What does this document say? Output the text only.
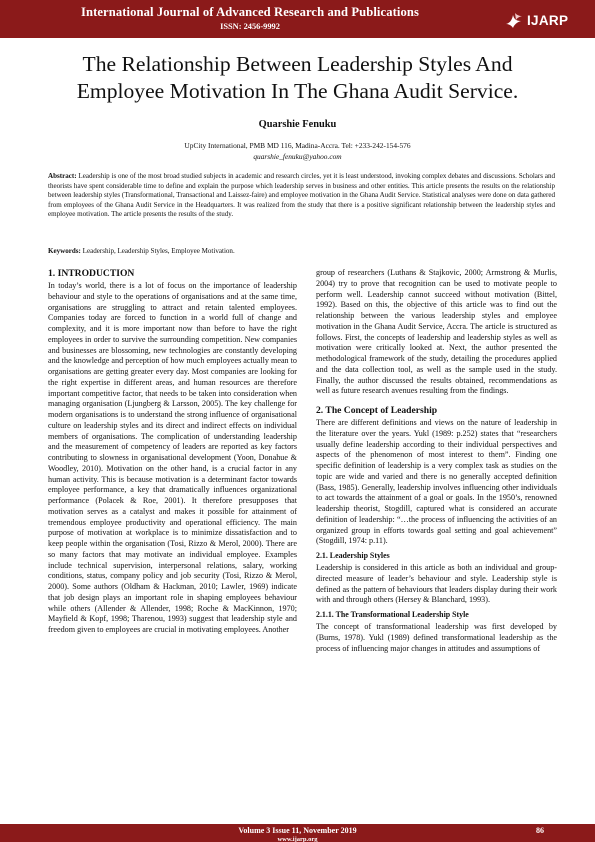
International Journal of Advanced Research and Publications
ISSN: 2456-9992	IJARP
The Relationship Between Leadership Styles And
Employee Motivation In The Ghana Audit Service.
Quarshie Fenuku
UpCity International, PMB MD 116, Madina-Accra. Tel: +233-242-154-576
quarshie_fenuku@yahoo.com
Abstract: Leadership is one of the most broad studied subjects in academic and research circles, yet it is least understood, invoking complex debates and discussions. Scholars and theorists have spent considerable time to define and explain the purpose which leadership serves in business and other entities. This article presents the results on the relationship between leadership styles (Transformational, Transactional and Laissez-faire) and employee motivation in the Ghana Audit Service. Statistical analyses were done on data gathered from employees of the Ghana Audit Service in the Headquarters. It was realized from the study that there is a positive significant relationship between the leadership styles and employee motivation. The article presents the results of the study.
Keywords: Leadership, Leadership Styles, Employee Motivation.
1. INTRODUCTION
In today’s world, there is a lot of focus on the importance of leadership behaviour and style to the operations of organisations and at the same time, organisations are struggling to attract and retain talented employees. Companies today are forced to function in a world full of change and complexity, and it is more important now than before to have the right employees in order to survive the surrounding competition. New companies and businesses are blossoming, new technologies are constantly developing and the knowledge and perception of how much employees actually mean to organisations are getting greater every day. Most companies are looking for the right expertise in different areas, and human resources are therefore important competitive factor, that needs to be taken into consideration when managing organisation (Ljungberg & Larsson, 2005). The key challenge for modern organisations is to understand the strong influence of organisational culture on leadership styles and its direct and indirect effects on individual members of organisations. The complication of understanding leadership and the measurement of competency of leaders are reported as key factors contributing to slowness in organisational development (Yoon, Donahue & Woodley, 2010). Motivation on the other hand, is a crucial factor in any human activity. This is because motivation is a determinant factor towards employee performance, a key that dramatically influences organizational performance (Polacek & Roe, 2001). It therefore presupposes that motivation serves as a catalyst and makes it possible for attainment of tremendous employee productivity and operational efficiency. The main purpose of motivation at workplace is to minimize dissatisfaction and to keep people within the organisation (Tosi, Rizzo & Merol, 2000). There are so many factors that may motivate an individual employee. Examples include technical supervision, interpersonal relations, salary, working conditions, status, company policy and job security (Tosi, Rizzo & Merol, 2000). Some authors (Oldham & Hackman, 2010; Lawler, 1969) indicate that job design plays an important role in shaping employees behaviour while others (Allender & Allender, 1998; Roche & MacKinnon, 1970; Mayfield & Kopf, 1998; Tharenou, 1993) suggest that leadership style and freedom given to employees are crucial in motivating employees. Another
group of researchers (Luthans & Stajkovic, 2000; Armstrong & Murlis, 2004) try to prove that recognition can be used to motivate people to perform well. Leadership cannot succeed without motivation (Bittel, 1992). Based on this, the objective of this article was to find out the relationship between the various leadership styles and employee motivation in the Ghana Audit Service, Accra. The article is structured as follows. First, the concepts of leadership and leadership styles as well as motivation were critically looked at. Next, the author presented the methodological framework of the study, detailing the procedures applied and the data collection tool, as well as the sample used in the study. Finally, the author discussed the results obtained, recommendations as well as future research avenues resulting from the findings.
2. The Concept of Leadership
There are different definitions and views on the nature of leadership in the literature over the years. Yukl (1989: p.252) states that “researchers usually define leadership according to their individual perspectives and aspects of the phenomenon of most interest to them”. Finding one specific definition of leadership is a very complex task as studies on the topic are wide and varied and there is no generally accepted definition (Bass, 1985). Generally, leadership involves influencing other individuals to act towards the attainment of a goal or goals. In the 1950’s, renowned leadership theorist, Stogdill, captured what is considered an accurate definition of leadership: “…the process of influencing the activities of an organized group in efforts towards goal setting and goal achievement” (Stogdill, 1974: p.11).
2.1. Leadership Styles
Leadership is considered in this article as both an individual and group-directed measure of leader’s behaviour and style. Leadership style is defined as the pattern of behaviours that leaders display during their work with and through others (Hersey & Blanchard, 1993).
2.1.1. The Transformational Leadership Style
The concept of transformational leadership was first developed by (Burns, 1978). Yukl (1989) defined transformational leadership as the process of influencing major changes in attitudes and assumptions of
Volume 3 Issue 11, November 2019	86
www.ijarp.org
